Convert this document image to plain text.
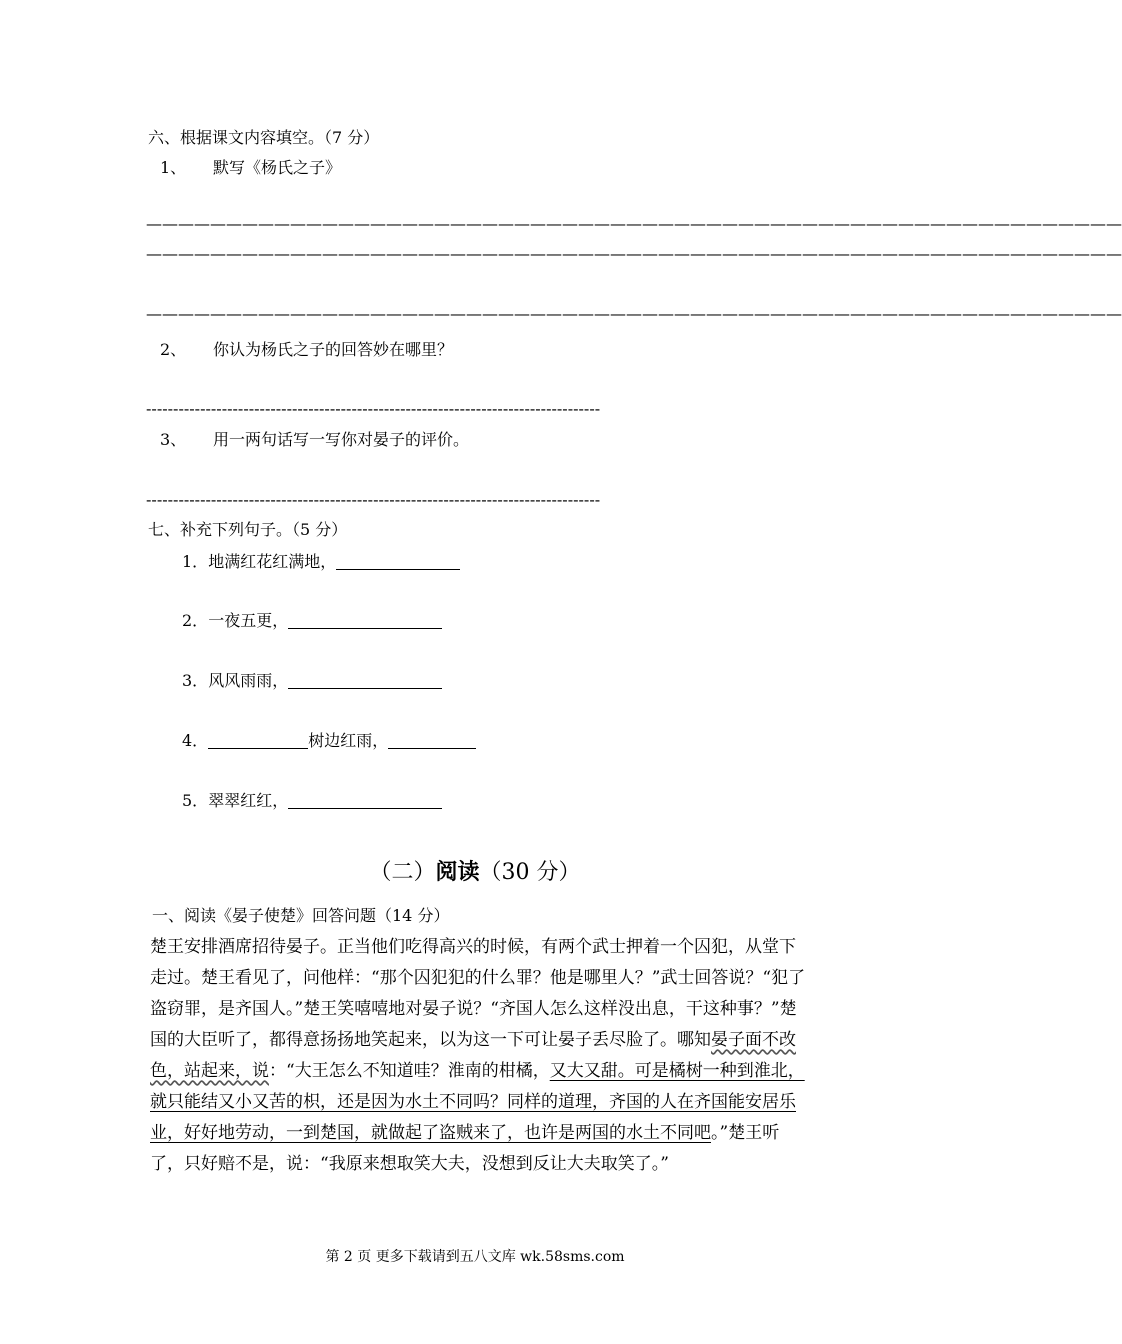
六、根据课文内容填空。（7 分）
1、 默写《杨氏之子》
—————————————————————————————————————————————————————————————
—————————————————————————————————————————————————————————————
—————————————————————————————————————————————————————————————
2、 你认为杨氏之子的回答妙在哪里？
------------------------------------------------------------------------------------
3、 用一两句话写一写你对晏子的评价。
------------------------------------------------------------------------------------
七、补充下列句子。（5 分）
1．地满红花红满地，
2．一夜五更，
3．风风雨雨，
4．	树边红雨，
5．翠翠红红，
（二）阅读（30 分）
一、阅读《晏子使楚》回答问题（14 分）

楚王安排酒席招待晏子。正当他们吃得高兴的时候，有两个武士押着一个囚犯，从堂下走过。楚王看见了，问他样：“那个囚犯犯的什么罪？他是哪里人？”武士回答说？“犯了盗窃罪，是齐国人。”楚王笑嘻嘻地对晏子说？“齐国人怎么这样没出息，干这种事？”楚国的大臣听了，都得意扬扬地笑起来，以为这一下可让晏子丢尽脸了。哪知晏子面不改色，站起来，说：“大王怎么不知道哇？淮南的柑橘，又大又甜。可是橘树一种到淮北，就只能结又小又苦的枳，还是因为水土不同吗？同样的道理，齐国的人在齐国能安居乐业，好好地劳动，一到楚国，就做起了盗贼来了，也许是两国的水土不同吧。”楚王听了，只好赔不是，说：“我原来想取笑大夫，没想到反让大夫取笑了。”

第 2 页 更多下载请到五八文库 wk.58sms.com
